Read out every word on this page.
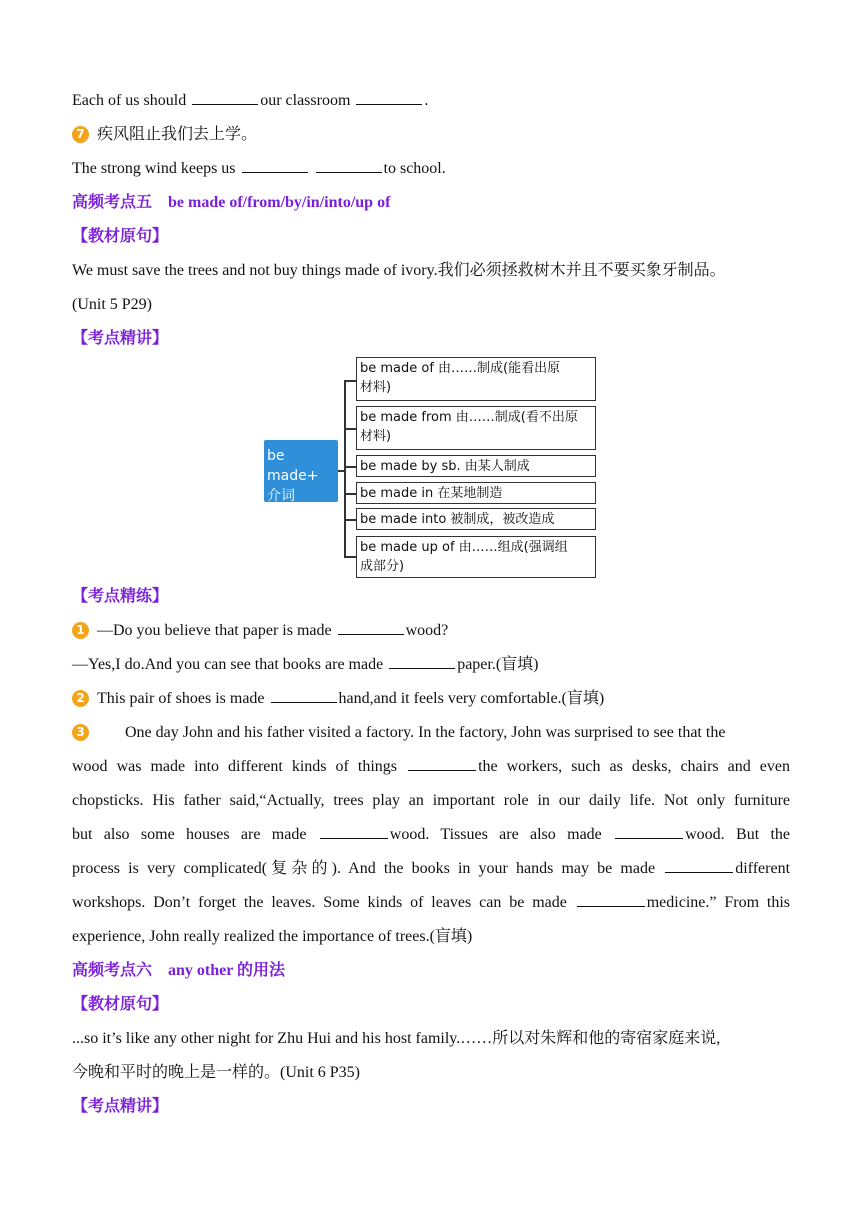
Each of us should	our classroom	.
7 疾风阻止我们去上学。
The strong wind keeps us	to school.
高频考点五　be made of/from/by/in/into/up of
【教材原句】
We must save the trees and not buy things made of ivory.我们必须拯救树木并且不要买象牙制品。
(Unit 5 P29)
【考点精讲】
be made+
介词
be made of 由……制成(能看出原
材料)
be made from 由……制成(看不出原
材料)
be made by sb. 由某人制成
be made in 在某地制造
be made into 被制成，被改造成
be made up of 由……组成(强调组
成部分)
【考点精练】
1 —Do you believe that paper is made	wood?
—Yes,I do.And you can see that books are made	paper.(盲填)
2 This pair of shoes is made	hand,and it feels very comfortable.(盲填)
3	One day John and his father visited a factory. In the factory, John was surprised to see that the
wood was made into different kinds of things	the workers, such as desks, chairs and even
chopsticks. His father said,“Actually, trees play an important role in our daily life. Not only furniture
but also some houses are made	wood. Tissues are also made	wood. But the
process is very complicated(复杂的). And the books in your hands may be made	different
workshops. Don’t forget the leaves. Some kinds of leaves can be made	medicine.” From this
experience, John really realized the importance of trees.(盲填)
高频考点六　any other 的用法
【教材原句】
...so it’s like any other night for Zhu Hui and his host family.……所以对朱辉和他的寄宿家庭来说,
今晚和平时的晚上是一样的。(Unit 6 P35)
【考点精讲】
